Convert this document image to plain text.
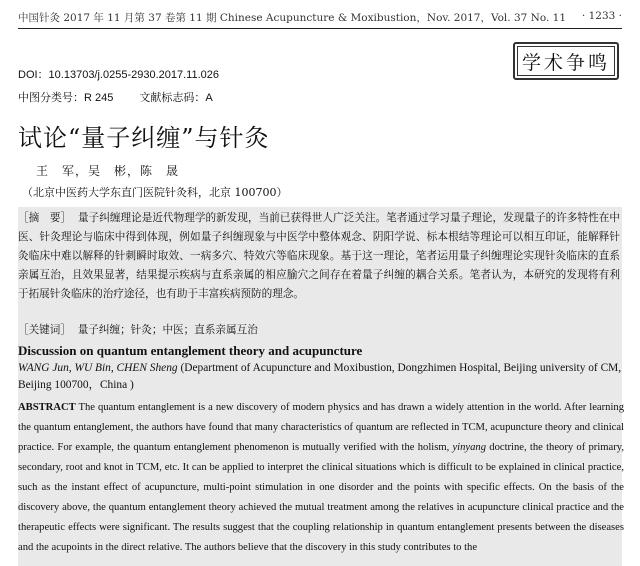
中国针灸 2017 年 11 月第 37 卷第 11 期 Chinese Acupuncture & Moxibustion，Nov. 2017，Vol. 37 No. 11 · 1233 ·
学术争鸣
DOI：10.13703/j.0255-2930.2017.11.026
中图分类号：R 245 文献标志码：A
试论“量子纠缠”与针灸
王　军，吴　彬，陈　晟
（北京中医药大学东直门医院针灸科，北京 100700）
［摘　要］ 量子纠缠理论是近代物理学的新发现，当前已获得世人广泛关注。笔者通过学习量子理论，发现量子的许多特性在中医、针灸理论与临床中得到体现，例如量子纠缠现象与中医学中整体观念、阴阳学说、标本根结等理论可以相互印证，能解释针灸临床中难以解释的针刺瞬时取效、一病多穴、特效穴等临床现象。基于这一理论，笔者运用量子纠缠理论实现针灸临床的直系亲属互治，且效果显著，结果提示疾病与直系亲属的相应腧穴之间存在着量子纠缠的耦合关系。笔者认为，本研究的发现将有利于拓展针灸临床的治疗途径，也有助于丰富疾病预防的理念。
［关键词］ 量子纠缠；针灸；中医；直系亲属互治
Discussion on quantum entanglement theory and acupuncture
WANG Jun, WU Bin, CHEN Sheng (Department of Acupuncture and Moxibustion, Dongzhimen Hospital, Beijing university of CM, Beijing 100700，China )
ABSTRACT The quantum entanglement is a new discovery of modern physics and has drawn a widely attention in the world. After learning the quantum entanglement, the authors have found that many characteristics of quantum are reflected in TCM, acupuncture theory and clinical practice. For example, the quantum entanglement phenomenon is mutually verified with the holism, yinyang doctrine, the theory of primary, secondary, root and knot in TCM, etc. It can be applied to interpret the clinical situations which is difficult to be explained in clinical practice, such as the instant effect of acupuncture, multi-point stimulation in one disorder and the points with specific effects. On the basis of the discovery above, the quantum entanglement theory achieved the mutual treatment among the relatives in acupuncture clinical practice and the therapeutic effects were significant. The results suggest that the coupling relationship in quantum entanglement presents between the diseases and the acupoints in the direct relative. The authors believe that the discovery in this study contributes to the
